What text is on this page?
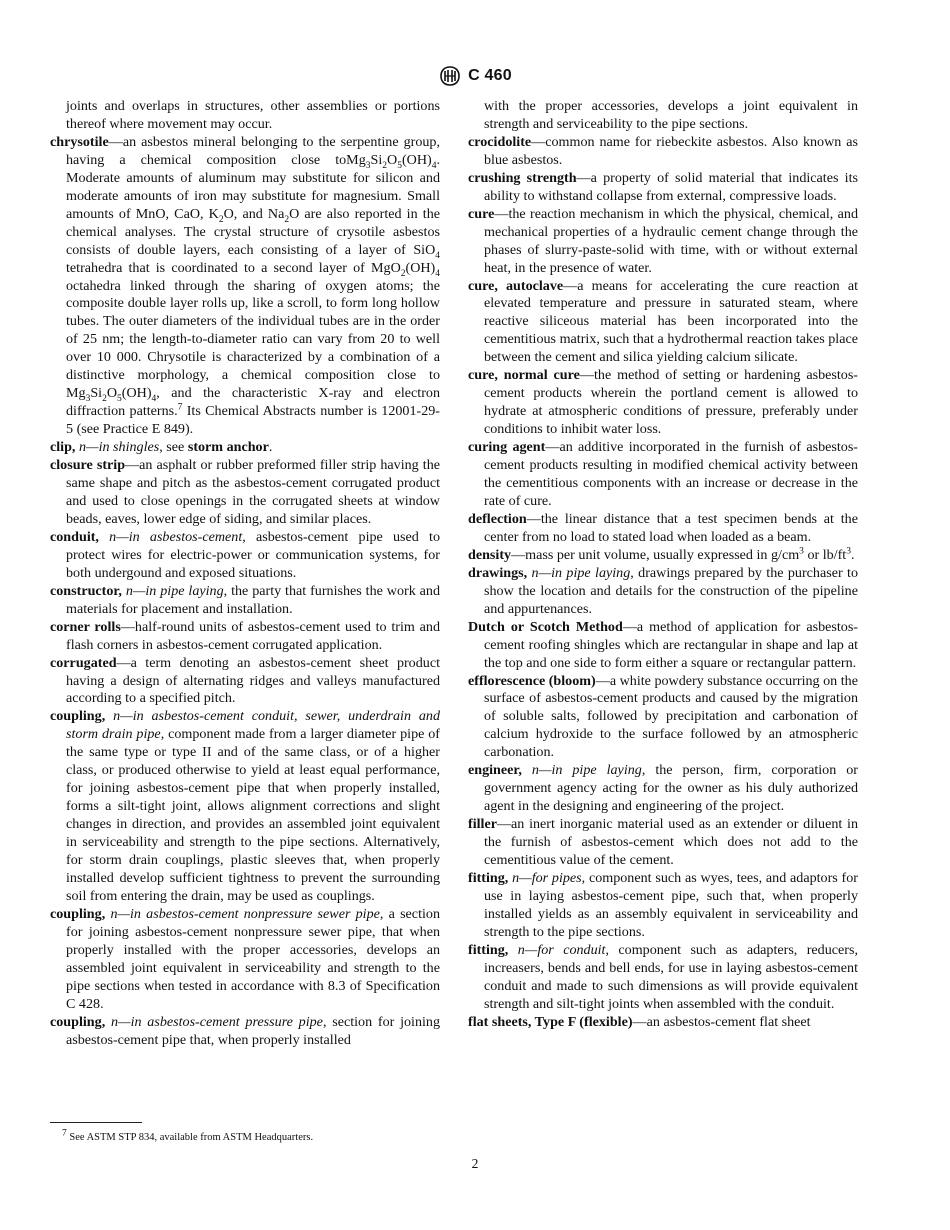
C 460

joints and overlaps in structures, other assemblies or portions thereof where movement may occur.

chrysotile—an asbestos mineral belonging to the serpentine group, having a chemical composition close $toMg_3Si_2O_5(OH)_4$. Moderate amounts of aluminum may substitute for silicon and moderate amounts of iron may substitute for magnesium. Small amounts of MnO, CaO, $K_2O$, and $Na_2O$ are also reported in the chemical analyses. The crystal structure of crysotile asbestos consists of double layers, each consisting of a layer of SiO$_4$ tetrahedra that is coordinated to a second layer of $MgO_2(OH)_4$ octahedra linked through the sharing of oxygen atoms; the composite double layer rolls up, like a scroll, to form long hollow tubes. The outer diameters of the individual tubes are in the order of 25 nm; the length-to-diameter ratio can vary from 20 to well over 10 000. Chrysotile is characterized by a combination of a distinctive morphology, a chemical composition close to $Mg_3Si_2O_5(OH)_4$, and the characteristic X-ray and electron diffraction patterns.$^7$ Its Chemical Abstracts number is 12001-29-5 (see Practice E 849).

clip, n—in shingles, see storm anchor.

closure strip—an asphalt or rubber preformed filler strip having the same shape and pitch as the asbestos-cement corrugated product and used to close openings in the corrugated sheets at window beads, eaves, lower edge of siding, and similar places.

conduit, n—in asbestos-cement, asbestos-cement pipe used to protect wires for electric-power or communication systems, for both undergound and exposed situations.

constructor, n—in pipe laying, the party that furnishes the work and materials for placement and installation.

corner rolls—half-round units of asbestos-cement used to trim and flash corners in asbestos-cement corrugated application.

corrugated—a term denoting an asbestos-cement sheet product having a design of alternating ridges and valleys manufactured according to a specified pitch.

coupling, n—in asbestos-cement conduit, sewer, underdrain and storm drain pipe, component made from a larger diameter pipe of the same type or type II and of the same class, or of a higher class, or produced otherwise to yield at least equal performance, for joining asbestos-cement pipe that when properly installed, forms a silt-tight joint, allows alignment corrections and slight changes in direction, and provides an assembled joint equivalent in serviceability and strength to the pipe sections. Alternatively, for storm drain couplings, plastic sleeves that, when properly installed develop sufficient tightness to prevent the surrounding soil from entering the drain, may be used as couplings.

coupling, n—in asbestos-cement nonpressure sewer pipe, a section for joining asbestos-cement nonpressure sewer pipe, that when properly installed with the proper accessories, develops an assembled joint equivalent in serviceability and strength to the pipe sections when tested in accordance with 8.3 of Specification C 428.

coupling, n—in asbestos-cement pressure pipe, section for joining asbestos-cement pipe that, when properly installed

with the proper accessories, develops a joint equivalent in strength and serviceability to the pipe sections.

crocidolite—common name for riebeckite asbestos. Also known as blue asbestos.

crushing strength—a property of solid material that indicates its ability to withstand collapse from external, compressive loads.

cure—the reaction mechanism in which the physical, chemical, and mechanical properties of a hydraulic cement change through the phases of slurry-paste-solid with time, with or without external heat, in the presence of water.

cure, autoclave—a means for accelerating the cure reaction at elevated temperature and pressure in saturated steam, where reactive siliceous material has been incorporated into the cementitious matrix, such that a hydrothermal reaction takes place between the cement and silica yielding calcium silicate.

cure, normal cure—the method of setting or hardening asbestos-cement products wherein the portland cement is allowed to hydrate at atmospheric conditions of pressure, preferably under conditions to inhibit water loss.

curing agent—an additive incorporated in the furnish of asbestos-cement products resulting in modified chemical activity between the cementitious components with an increase or decrease in the rate of cure.

deflection—the linear distance that a test specimen bends at the center from no load to stated load when loaded as a beam.

density—mass per unit volume, usually expressed in $g/cm^3$ or $lb/ft^3$.

drawings, n—in pipe laying, drawings prepared by the purchaser to show the location and details for the construction of the pipeline and appurtenances.

Dutch or Scotch Method—a method of application for asbestos-cement roofing shingles which are rectangular in shape and lap at the top and one side to form either a square or rectangular pattern.

efflorescence (bloom)—a white powdery substance occurring on the surface of asbestos-cement products and caused by the migration of soluble salts, followed by precipitation and carbonation of calcium hydroxide to the surface followed by an atmospheric carbonation.

engineer, n—in pipe laying, the person, firm, corporation or government agency acting for the owner as his duly authorized agent in the designing and engineering of the project.

filler—an inert inorganic material used as an extender or diluent in the furnish of asbestos-cement which does not add to the cementitious value of the cement.

fitting, n—for pipes, component such as wyes, tees, and adaptors for use in laying asbestos-cement pipe, such that, when properly installed yields as an assembly equivalent in serviceability and strength to the pipe sections.

fitting, n—for conduit, component such as adapters, reducers, increasers, bends and bell ends, for use in laying asbestos-cement conduit and made to such dimensions as will provide equivalent strength and silt-tight joints when assembled with the conduit.

flat sheets, Type F (flexible)—an asbestos-cement flat sheet

$^7$ See ASTM STP 834, available from ASTM Headquarters.
2
